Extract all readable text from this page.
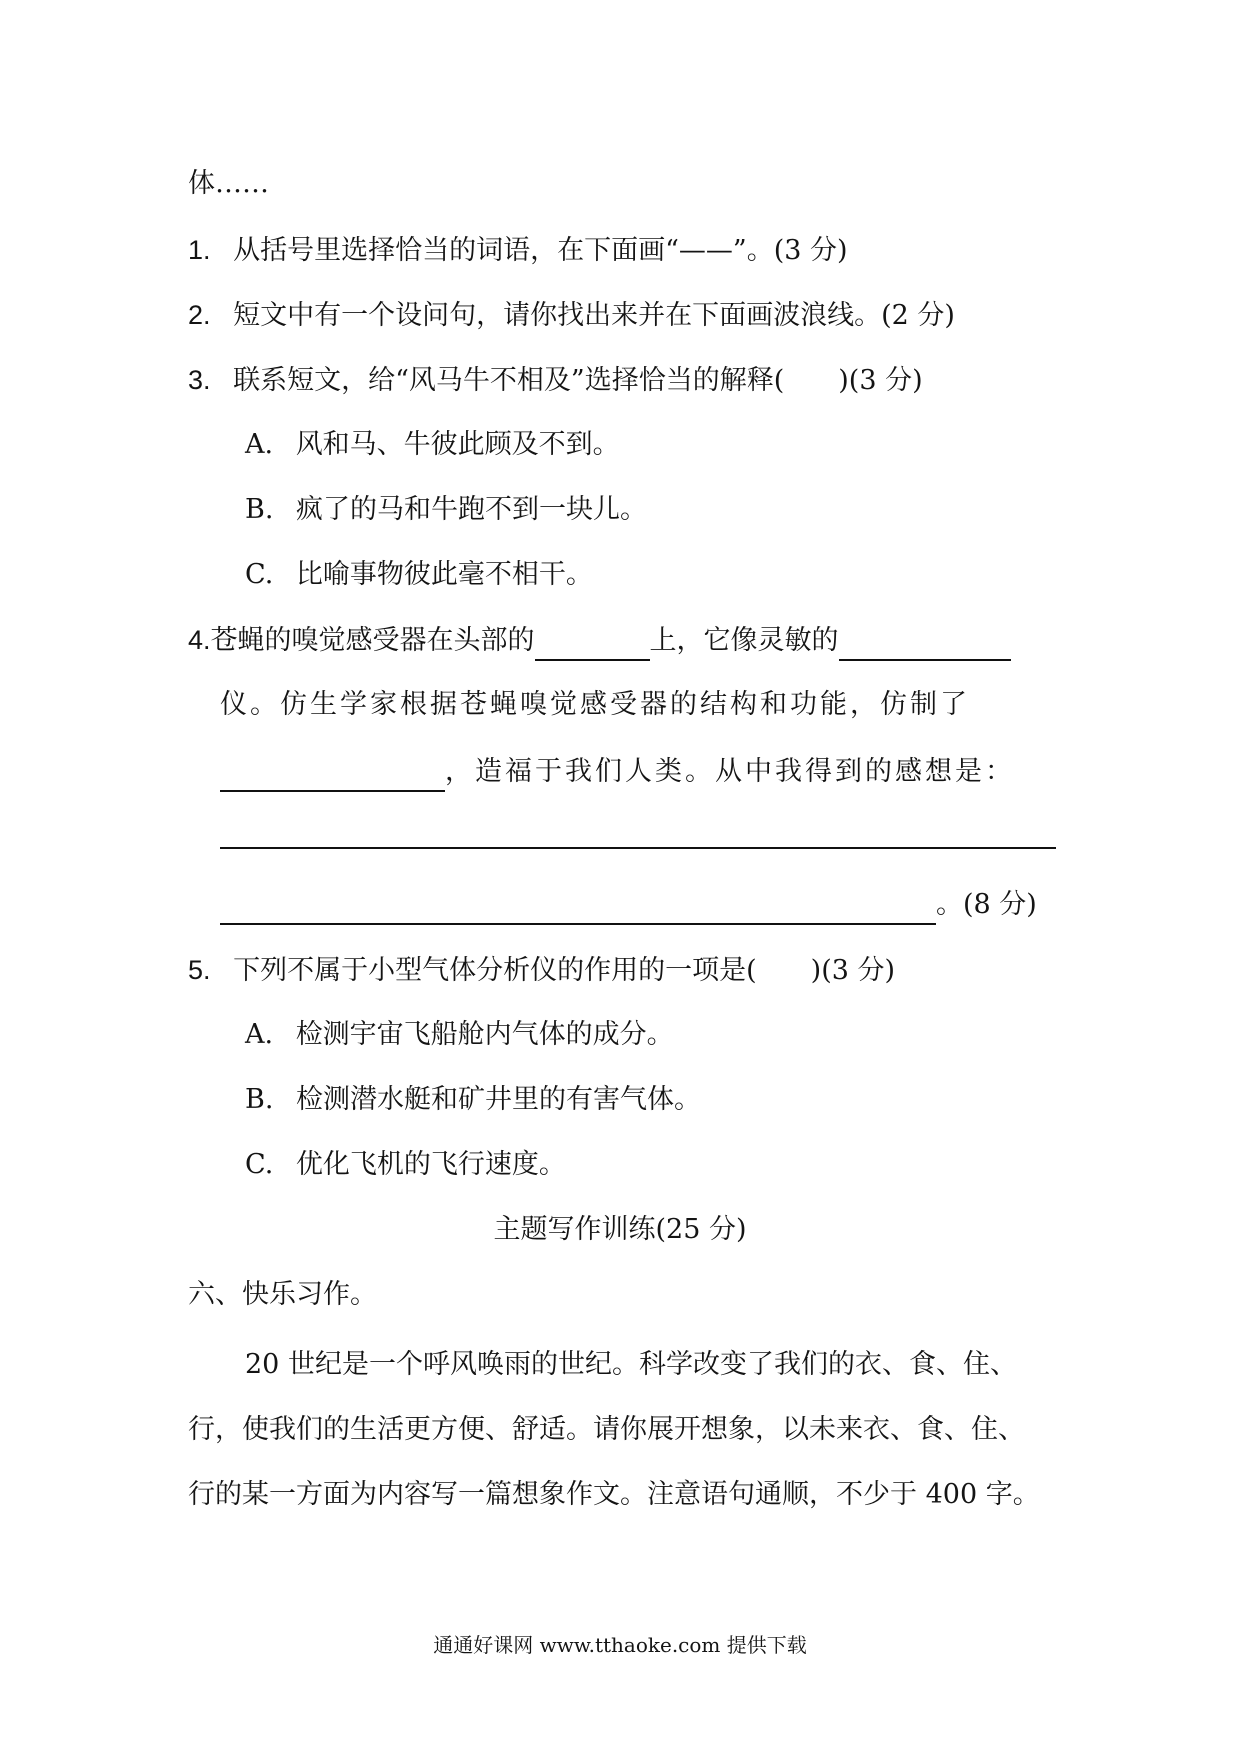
体……
1. 从括号里选择恰当的词语，在下面画“——”。(3 分)
2. 短文中有一个设问句，请你找出来并在下面画波浪线。(2 分)
3. 联系短文，给“风马牛不相及”选择恰当的解释(　　)(3 分)
A. 风和马、牛彼此顾及不到。
B. 疯了的马和牛跑不到一块儿。
C. 比喻事物彼此毫不相干。
4.苍蝇的嗅觉感受器在头部的	上，它像灵敏的
仪。仿生学家根据苍蝇嗅觉感受器的结构和功能，仿制了
，造福于我们人类。从中我得到的感想是：
。(8 分)
5. 下列不属于小型气体分析仪的作用的一项是(　　)(3 分)
A. 检测宇宙飞船舱内气体的成分。
B. 检测潜水艇和矿井里的有害气体。
C. 优化飞机的飞行速度。
主题写作训练(25 分)
六、快乐习作。
20 世纪是一个呼风唤雨的世纪。科学改变了我们的衣、食、住、
行，使我们的生活更方便、舒适。请你展开想象，以未来衣、食、住、
行的某一方面为内容写一篇想象作文。注意语句通顺，不少于 400 字。
通通好课网 www.tthaoke.com 提供下载
